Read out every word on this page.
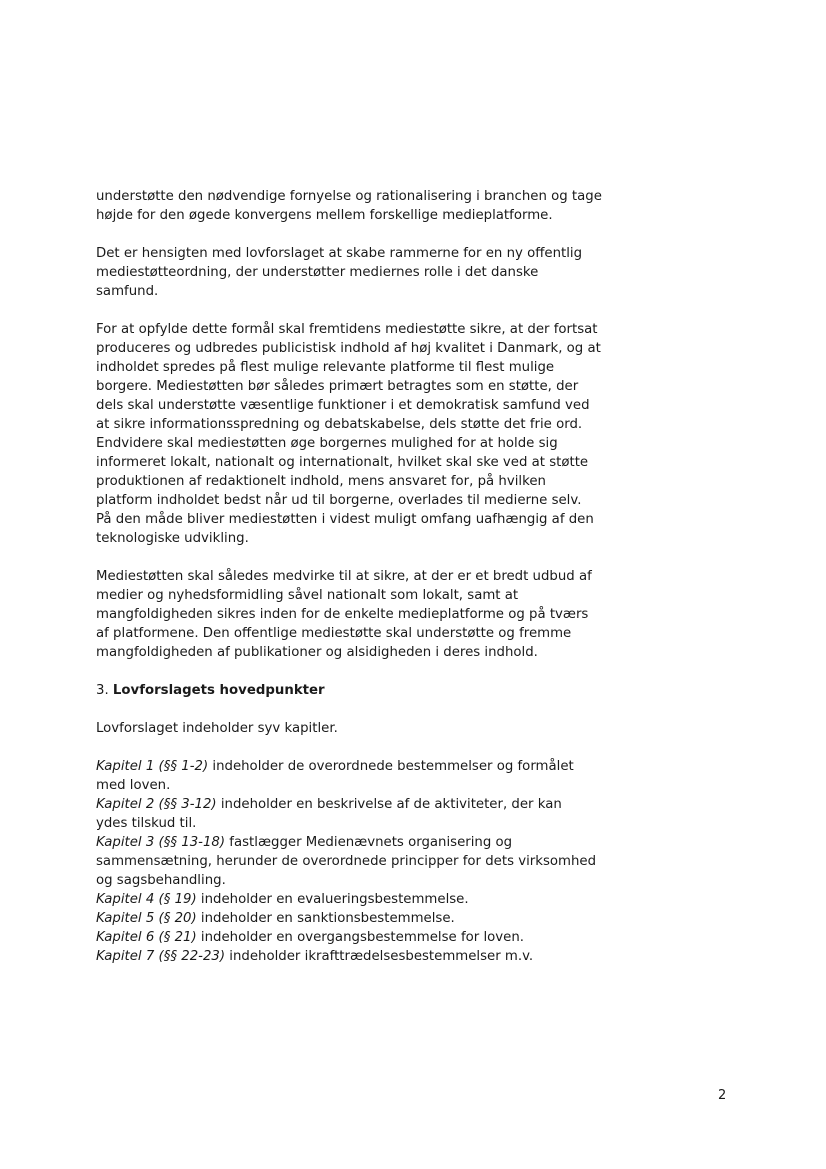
understøtte den nødvendige fornyelse og rationalisering i branchen og tage
højde for den øgede konvergens mellem forskellige medieplatforme.
Det er hensigten med lovforslaget at skabe rammerne for en ny offentlig
mediestøtteordning, der understøtter mediernes rolle i det danske
samfund.
For at opfylde dette formål skal fremtidens mediestøtte sikre, at der fortsat
produceres og udbredes publicistisk indhold af høj kvalitet i Danmark, og at
indholdet spredes på flest mulige relevante platforme til flest mulige
borgere. Mediestøtten bør således primært betragtes som en støtte, der
dels skal understøtte væsentlige funktioner i et demokratisk samfund ved
at sikre informationsspredning og debatskabelse, dels støtte det frie ord.
Endvidere skal mediestøtten øge borgernes mulighed for at holde sig
informeret lokalt, nationalt og internationalt, hvilket skal ske ved at støtte
produktionen af redaktionelt indhold, mens ansvaret for, på hvilken
platform indholdet bedst når ud til borgerne, overlades til medierne selv.
På den måde bliver mediestøtten i videst muligt omfang uafhængig af den
teknologiske udvikling.
Mediestøtten skal således medvirke til at sikre, at der er et bredt udbud af
medier og nyhedsformidling såvel nationalt som lokalt, samt at
mangfoldigheden sikres inden for de enkelte medieplatforme og på tværs
af platformene. Den offentlige mediestøtte skal understøtte og fremme
mangfoldigheden af publikationer og alsidigheden i deres indhold.
3. Lovforslagets hovedpunkter
Lovforslaget indeholder syv kapitler.
Kapitel 1 (§§ 1-2) indeholder de overordnede bestemmelser og formålet
med loven.
Kapitel 2 (§§ 3-12) indeholder en beskrivelse af de aktiviteter, der kan
ydes tilskud til.
Kapitel 3 (§§ 13-18) fastlægger Medienævnets organisering og
sammensætning, herunder de overordnede principper for dets virksomhed
og sagsbehandling.
Kapitel 4 (§ 19) indeholder en evalueringsbestemmelse.
Kapitel 5 (§ 20) indeholder en sanktionsbestemmelse.
Kapitel 6 (§ 21) indeholder en overgangsbestemmelse for loven.
Kapitel 7 (§§ 22-23) indeholder ikrafttrædelsesbestemmelser m.v.
2
